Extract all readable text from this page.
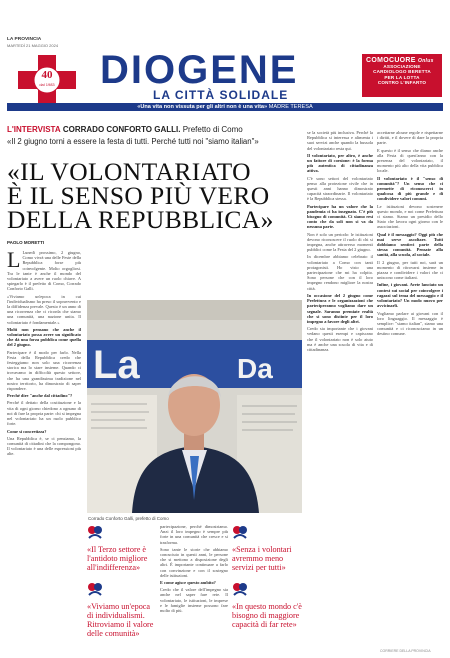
LA PROVINCIA
MARTEDÌ 21 MAGGIO 2024
40
dal 1983 DIOGENE
LA CITTÀ SOLIDALE
COMOCUORE Onlus
ASSOCIAZIONE
CARDIOLOGO BERETTA
PER LA LOTTA
CONTRO L'INFARTO
«Una vita non vissuta per gli altri non è una vita» MADRE TERESA
L'INTERVISTA CORRADO CONFORTO GALLI. Prefetto di Como
«Il 2 giugno torni a essere la festa di tutti. Perché tutti noi "siamo italian"»
«IL VOLONTARIATO
È IL SENSO PIÙ VERO
DELLA REPUBBLICA»
PAOLO MORETTI

L Lunedì prossimo, 2 giugno, Como vivrà una delle Feste della Repubblica forse più coinvolgente. Molto orgogliosi. Tra le tante è anche il mondo del volontariato a avere un ruolo chiave. A spiegarlo è il prefetto di Como, Corrado Conforto Galli.

«Viviamo un'epoca in cui l'individualismo ha preso il sopravvento e la diffidenza prevale. Questo è un anno di una ricorrenza che ci ricorda che siamo una comunità, una nazione unita. Il volontariato è fondamentale.»

Molti non pensano che anche il volontariato possa avere un significato che dà una forza pubblica come quella del 2 giugno.

Partecipare è il modo per farlo. Nella Festa della Repubblica credo che festeggiamo non solo una ricorrenza storica ma lo stare insieme. Quando ci trovavamo in difficoltà questo settore, che ha una grandissima tradizione nel nostro territorio, ha dimostrato di saper rispondere.

Perché dire "anche dal cittadino"?

Perché il dettato della costituzione e la vita di ogni giorno chiedono a ognuno di noi di fare la propria parte: chi si impegna nel volontariato ha un ruolo pubblico forte.

Come si concretizza?

Una Repubblica è, se ci pensiamo, la comunità di cittadini che la compongono. Il volontariato è una delle espressioni più alte.

La	Da
Corrado Conforto Galli, prefetto di Como

se la società più inclusiva. Perché la Repubblica si interessa e alimenta i suoi servizi anche quando la bussola del volontariato resta qui.

Il volontariato, per altro, è anche un fattore di coesione: è la forma più autentica di cittadinanza attiva.

C'è sono settori del volontariato penso alla protezione civile che in questi anni hanno dimostrato capacità straordinarie. Il volontariato è la Repubblica stessa.

Partecipare ha un valore che la pandemia ci ha insegnato. C'è più bisogno di comunità. Ci siamo resi conto che da soli non si va da nessuna parte.

Non è solo un periodo: le istituzioni devono riconoscere il ruolo di chi si impegna, anche attraverso momenti pubblici come la Festa del 2 giugno.

In dicembre abbiamo celebrato il volontariato a Como con tanti protagonisti. Ho visto una partecipazione che mi ha colpito. Sono persone che con il loro impegno rendono migliore la nostra città.

In occasione del 2 giugno come Prefettura e le organizzazioni che parteciperanno vogliamo dare un segnale. Saranno premiate realtà che si sono distinte per il loro impegno a favore degli altri.

Credo sia importante che i giovani vedano questi esempi e capiscano che il volontariato non è solo aiuto ma è anche una scuola di vita e di cittadinanza.

accettarne alcune regole e rispettarne i diritti, e il dovere di dare la propria parte.

E questo è il senso che diamo anche alla Festa di quest'anno con la presenza del volontariato, il momento più alto della vita pubblica locale.

Il volontariato è il "senso di comunità"? Un senso che ci permette di riconoscerci in qualcosa di più grande e di condividere valori comuni.

Le istituzioni devono sostenere questo mondo, e noi come Prefettura ci siamo. Siamo un presidio dello Stato che lavora ogni giorno con le associazioni.

Qual è il messaggio? Oggi più che mai serve ascoltare. Tutti dobbiamo sentirci parte della stessa comunità. Pensate alla sanità, alla scuola, al sociale.

Il 2 giugno, per tutti noi, sarà un momento di ritrovarsi insieme in piazza e condividere i valori che ci uniscono come italiani.

Infine, i giovani. Avete lanciato un contest sui social per coinvolgere i ragazzi sul tema del messaggio e il volontariato? Un modo nuovo per avvicinarli.

Vogliamo parlare ai giovani con il loro linguaggio. Il messaggio è semplice: "siamo italian", siamo una comunità e ci riconosciamo in un destino comune.

«Il Terzo settore è l'antidoto migliore all'indifferenza»
«Viviamo un'epoca di individualismi. Ritroviamo il valore delle comunità»

partecipazione, perché dimostriamo. Anzi il loro impegno è sempre più forte in una comunità che cresce e si trasforma.

Sono tante le storie che abbiamo conosciuto in questi anni, le persone che si mettono a disposizione degli altri. È importante continuare a farlo con convinzione e con il sostegno delle istituzioni.

E come agisce questo ambito?

Credo che il valore dell'impegno sia anche nel saper fare rete. Il volontariato, le istituzioni, le imprese e le famiglie insieme possono fare molto di più.

«Senza i volontari avremmo meno servizi per tutti»
«In questo mondo c'è bisogno di maggiore capacità di far rete»
CORRIERE DELLA PROVINCIA
